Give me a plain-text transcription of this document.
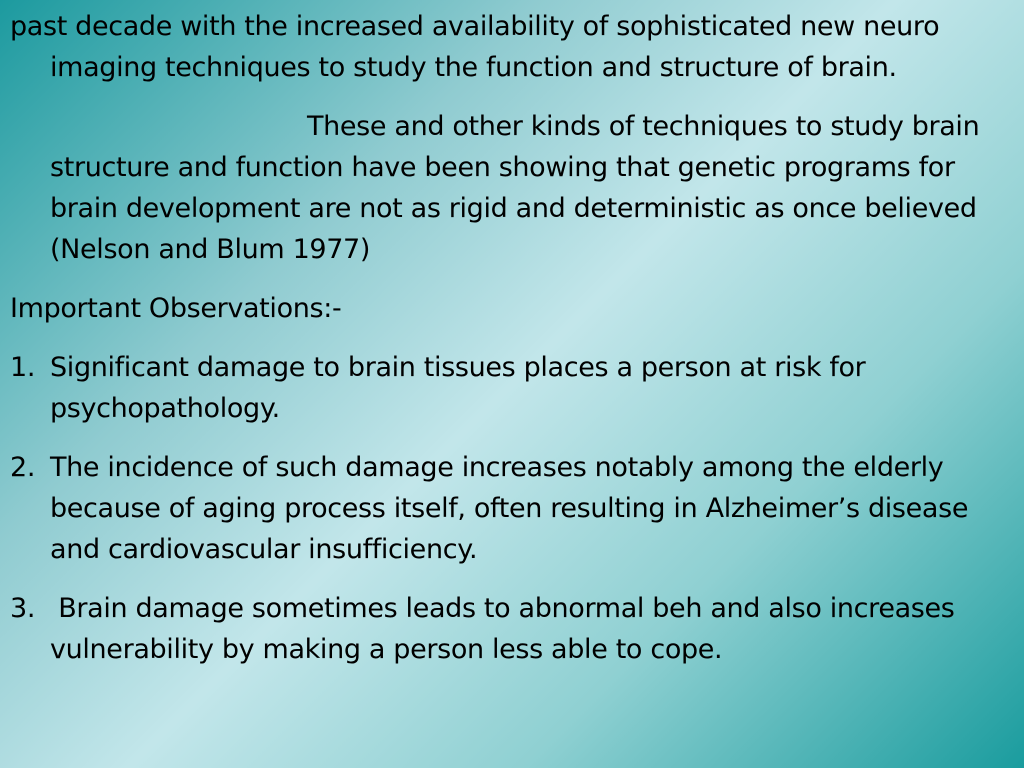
past decade with the increased availability of sophisticated new neuro imaging techniques to study the function and structure of brain.

These and other kinds of techniques to study brain structure and function have been showing that genetic programs for brain development are not as rigid and deterministic as once believed (Nelson and Blum 1977)

Important Observations:-

1. Significant damage to brain tissues places a person at risk for psychopathology.
2. The incidence of such damage increases notably among the elderly because of aging process itself, often resulting in Alzheimer’s disease and cardiovascular insufficiency.
3. Brain damage sometimes leads to abnormal beh and also increases vulnerability by making a person less able to cope.
